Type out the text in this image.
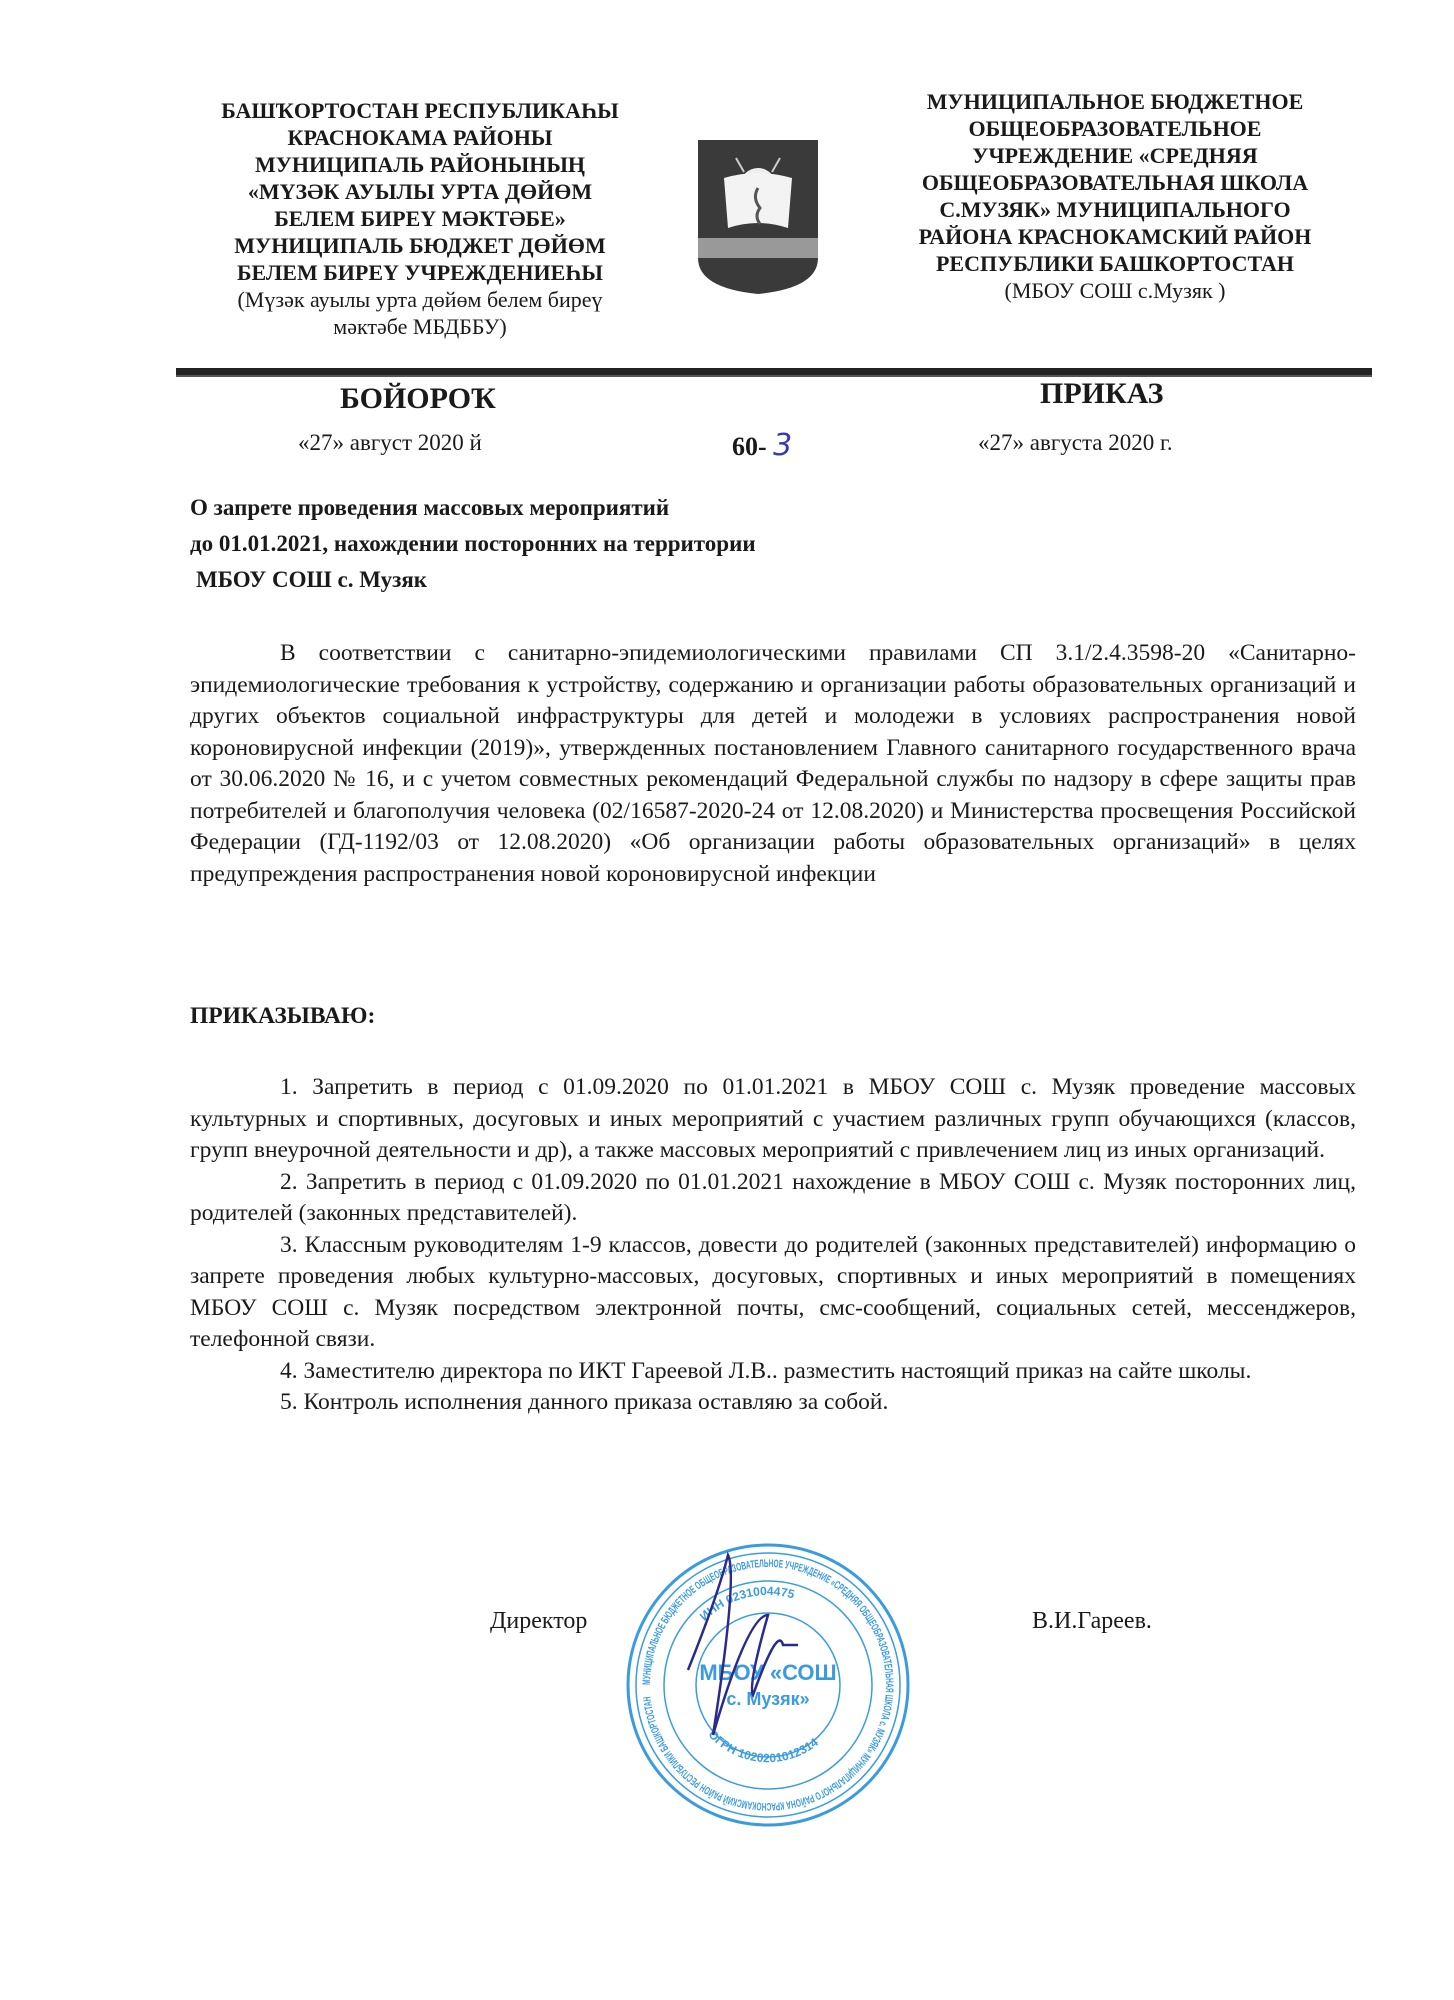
БАШҠОРТОСТАН РЕСПУБЛИКАҺЫ
КРАСНОКАМА РАЙОНЫ
МУНИЦИПАЛЬ РАЙОНЫНЫҢ
«МҮЗӘК АУЫЛЫ УРТА ДӨЙӨМ
БЕЛЕМ БИРЕҮ МӘКТӘБЕ»
МУНИЦИПАЛЬ БЮДЖЕТ ДӨЙӨМ
БЕЛЕМ БИРЕҮ УЧРЕЖДЕНИЕҺЫ
(Мүзәк ауылы урта дөйөм белем биреү
мәктәбе МБДББУ)
МУНИЦИПАЛЬНОЕ БЮДЖЕТНОЕ
ОБЩЕОБРАЗОВАТЕЛЬНОЕ
УЧРЕЖДЕНИЕ «СРЕДНЯЯ
ОБЩЕОБРАЗОВАТЕЛЬНАЯ ШКОЛА
С.МУЗЯК» МУНИЦИПАЛЬНОГО
РАЙОНА КРАСНОКАМСКИЙ РАЙОН
РЕСПУБЛИКИ БАШКОРТОСТАН
(МБОУ СОШ с.Музяк )
БОЙОРОҠ	ПРИКАЗ
«27» август 2020 й	60- 3	«27» августа 2020 г.
О запрете проведения массовых мероприятий
до 01.01.2021, нахождении посторонних на территории
МБОУ СОШ с. Музяк

В соответствии с санитарно-эпидемиологическими правилами СП 3.1/2.4.3598-20 «Санитарно-эпидемиологические требования к устройству, содержанию и организации работы образовательных организаций и других объектов социальной инфраструктуры для детей и молодежи в условиях распространения новой короновирусной инфекции (2019)», утвержденных постановлением Главного санитарного государственного врача от 30.06.2020 № 16, и с учетом совместных рекомендаций Федеральной службы по надзору в сфере защиты прав потребителей и благополучия человека (02/16587-2020-24 от 12.08.2020) и Министерства просвещения Российской Федерации (ГД-1192/03 от 12.08.2020) «Об организации работы образовательных организаций» в целях предупреждения распространения новой короновирусной инфекции

ПРИКАЗЫВАЮ:

1. Запретить в период с 01.09.2020 по 01.01.2021 в МБОУ СОШ с. Музяк проведение массовых культурных и спортивных, досуговых и иных мероприятий с участием различных групп обучающихся (классов, групп внеурочной деятельности и др), а также массовых мероприятий с привлечением лиц из иных организаций.

2. Запретить в период с 01.09.2020 по 01.01.2021 нахождение в МБОУ СОШ с. Музяк посторонних лиц, родителей (законных представителей).

3. Классным руководителям 1-9 классов, довести до родителей (законных представителей) информацию о запрете проведения любых культурно-массовых, досуговых, спортивных и иных мероприятий в помещениях МБОУ СОШ с. Музяк посредством электронной почты, смс-сообщений, социальных сетей, мессенджеров, телефонной связи.

4. Заместителю директора по ИКТ Гареевой Л.В.. разместить настоящий приказ на сайте школы.

5. Контроль исполнения данного приказа оставляю за собой.

МУНИЦИПАЛЬНОЕ БЮДЖЕТНОЕ ОБЩЕОБРАЗОВАТЕЛЬНОЕ УЧРЕЖДЕНИЕ «СРЕДНЯЯ ОБЩЕОБРАЗОВАТЕЛЬНАЯ ШКОЛА с. МУЗЯК» МУНИЦИПАЛЬНОГО РАЙОНА КРАСНОКАМСКИЙ РАЙОН РЕСПУБЛИКИ БАШКОРТОСТАН
ИНН 0231004475
ОГРН 1020201012314
МБОУ «СОШ
с. Музяк»
Директор	В.И.Гареев.
